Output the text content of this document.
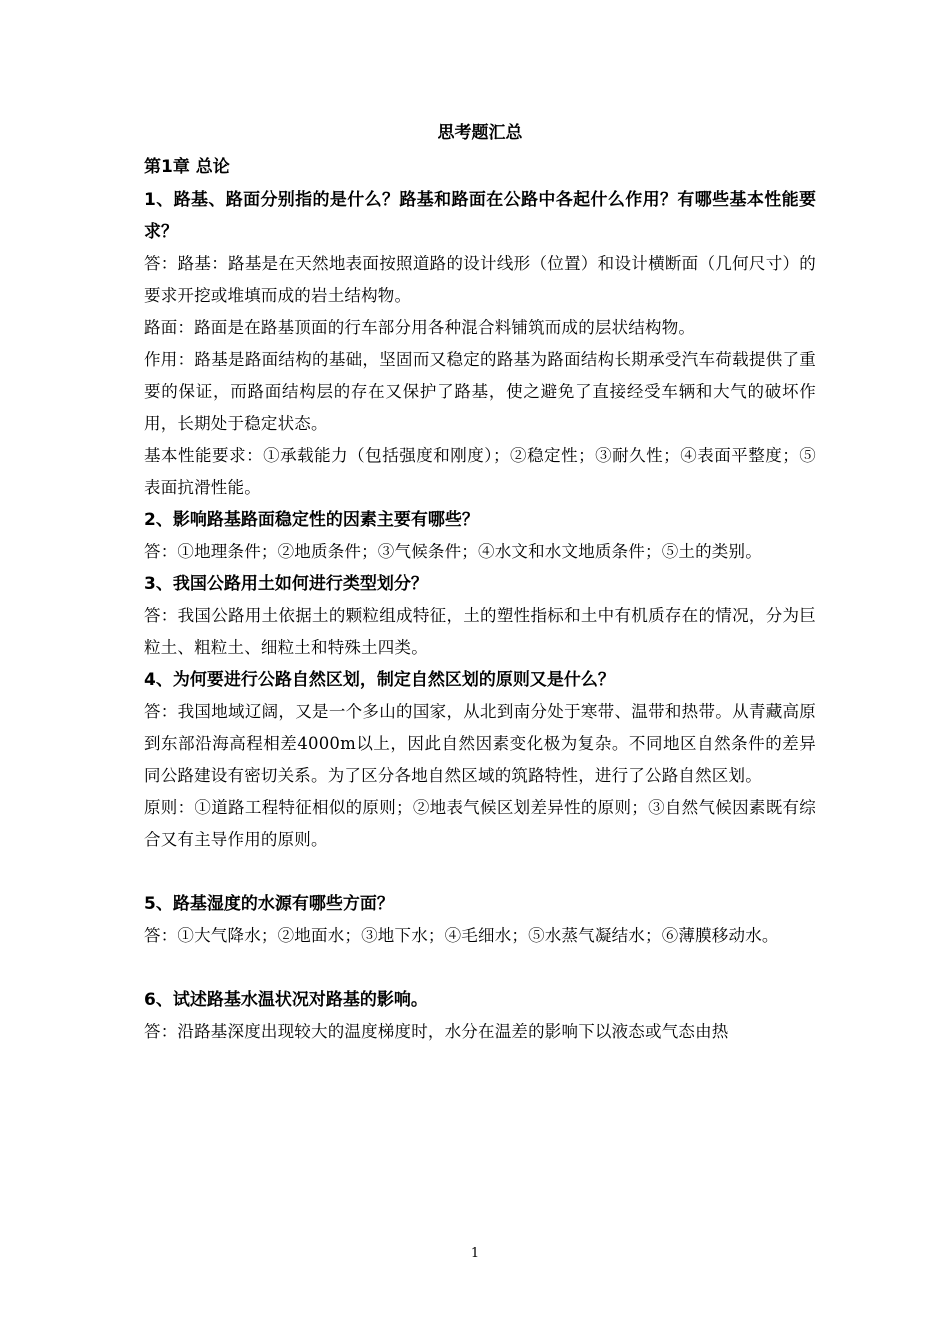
思考题汇总
第1章 总论

1、路基、路面分别指的是什么？路基和路面在公路中各起什么作用？有哪些基本性能要求？

答：路基：路基是在天然地表面按照道路的设计线形（位置）和设计横断面（几何尺寸）的要求开挖或堆填而成的岩土结构物。

路面：路面是在路基顶面的行车部分用各种混合料铺筑而成的层状结构物。

作用：路基是路面结构的基础，坚固而又稳定的路基为路面结构长期承受汽车荷载提供了重要的保证，而路面结构层的存在又保护了路基，使之避免了直接经受车辆和大气的破坏作用，长期处于稳定状态。

基本性能要求：①承载能力（包括强度和刚度）；②稳定性；③耐久性；④表面平整度；⑤表面抗滑性能。

2、影响路基路面稳定性的因素主要有哪些？

答：①地理条件；②地质条件；③气候条件；④水文和水文地质条件；⑤土的类别。

3、我国公路用土如何进行类型划分？

答：我国公路用土依据土的颗粒组成特征，土的塑性指标和土中有机质存在的情况，分为巨粒土、粗粒土、细粒土和特殊土四类。

4、为何要进行公路自然区划，制定自然区划的原则又是什么？

答：我国地域辽阔，又是一个多山的国家，从北到南分处于寒带、温带和热带。从青藏高原到东部沿海高程相差4000m以上，因此自然因素变化极为复杂。不同地区自然条件的差异同公路建设有密切关系。为了区分各地自然区域的筑路特性，进行了公路自然区划。

原则：①道路工程特征相似的原则；②地表气候区划差异性的原则；③自然气候因素既有综合又有主导作用的原则。

5、路基湿度的水源有哪些方面？

答：①大气降水；②地面水；③地下水；④毛细水；⑤水蒸气凝结水；⑥薄膜移动水。

6、试述路基水温状况对路基的影响。

答：沿路基深度出现较大的温度梯度时，水分在温差的影响下以液态或气态由热

1
